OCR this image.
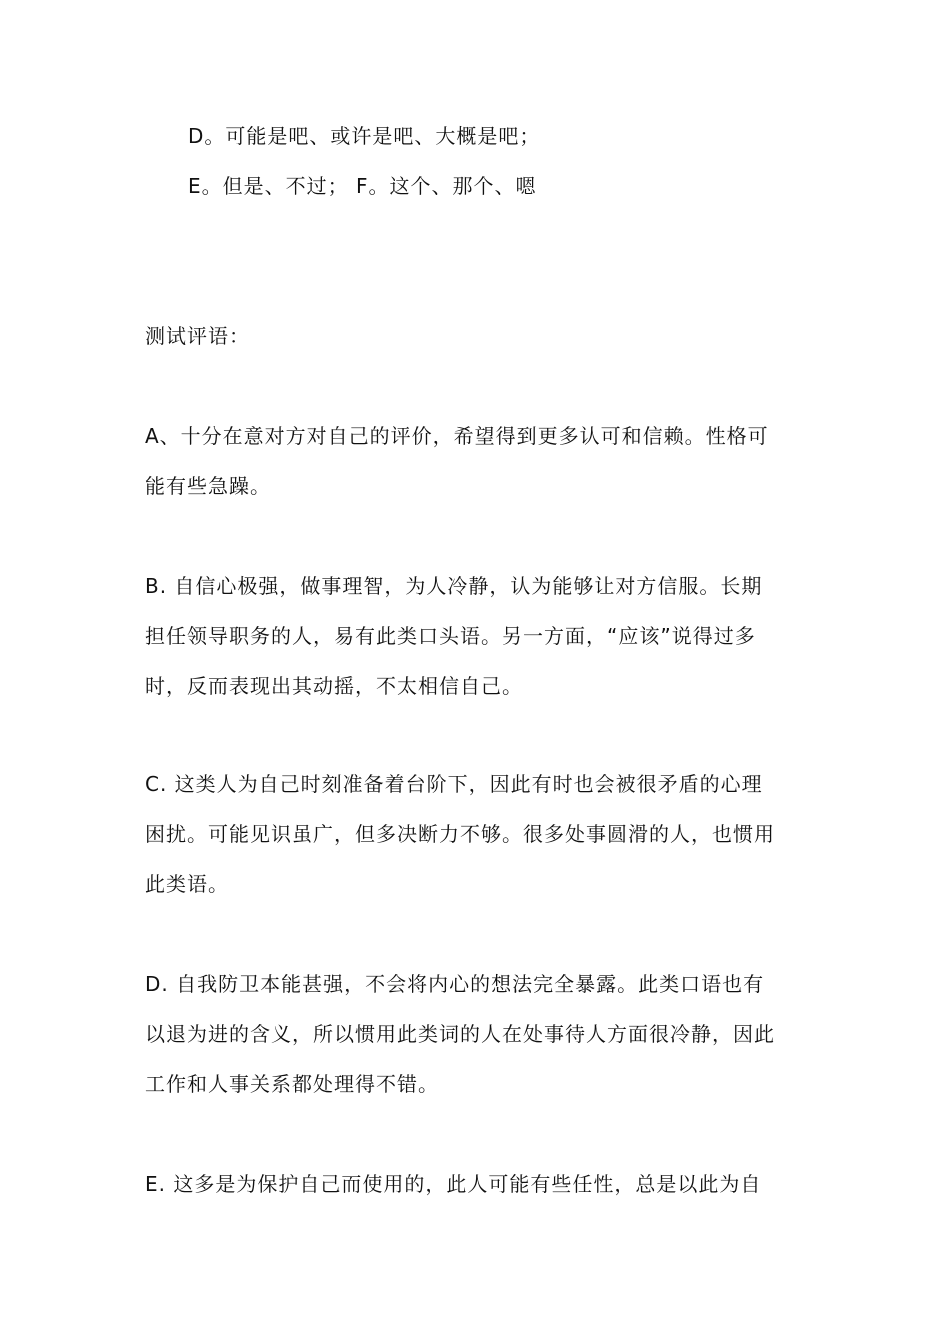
D。可能是吧、或许是吧、大概是吧；
E。但是、不过； F。这个、那个、嗯
测试评语：
A、十分在意对方对自己的评价，希望得到更多认可和信赖。性格可
能有些急躁。
B. 自信心极强，做事理智，为人冷静，认为能够让对方信服。长期
担任领导职务的人，易有此类口头语。另一方面，“应该”说得过多
时，反而表现出其动摇，不太相信自己。
C. 这类人为自己时刻准备着台阶下，因此有时也会被很矛盾的心理
困扰。可能见识虽广，但多决断力不够。很多处事圆滑的人，也惯用
此类语。
D. 自我防卫本能甚强，不会将内心的想法完全暴露。此类口语也有
以退为进的含义，所以惯用此类词的人在处事待人方面很冷静，因此
工作和人事关系都处理得不错。
E. 这多是为保护自己而使用的，此人可能有些任性，总是以此为自
